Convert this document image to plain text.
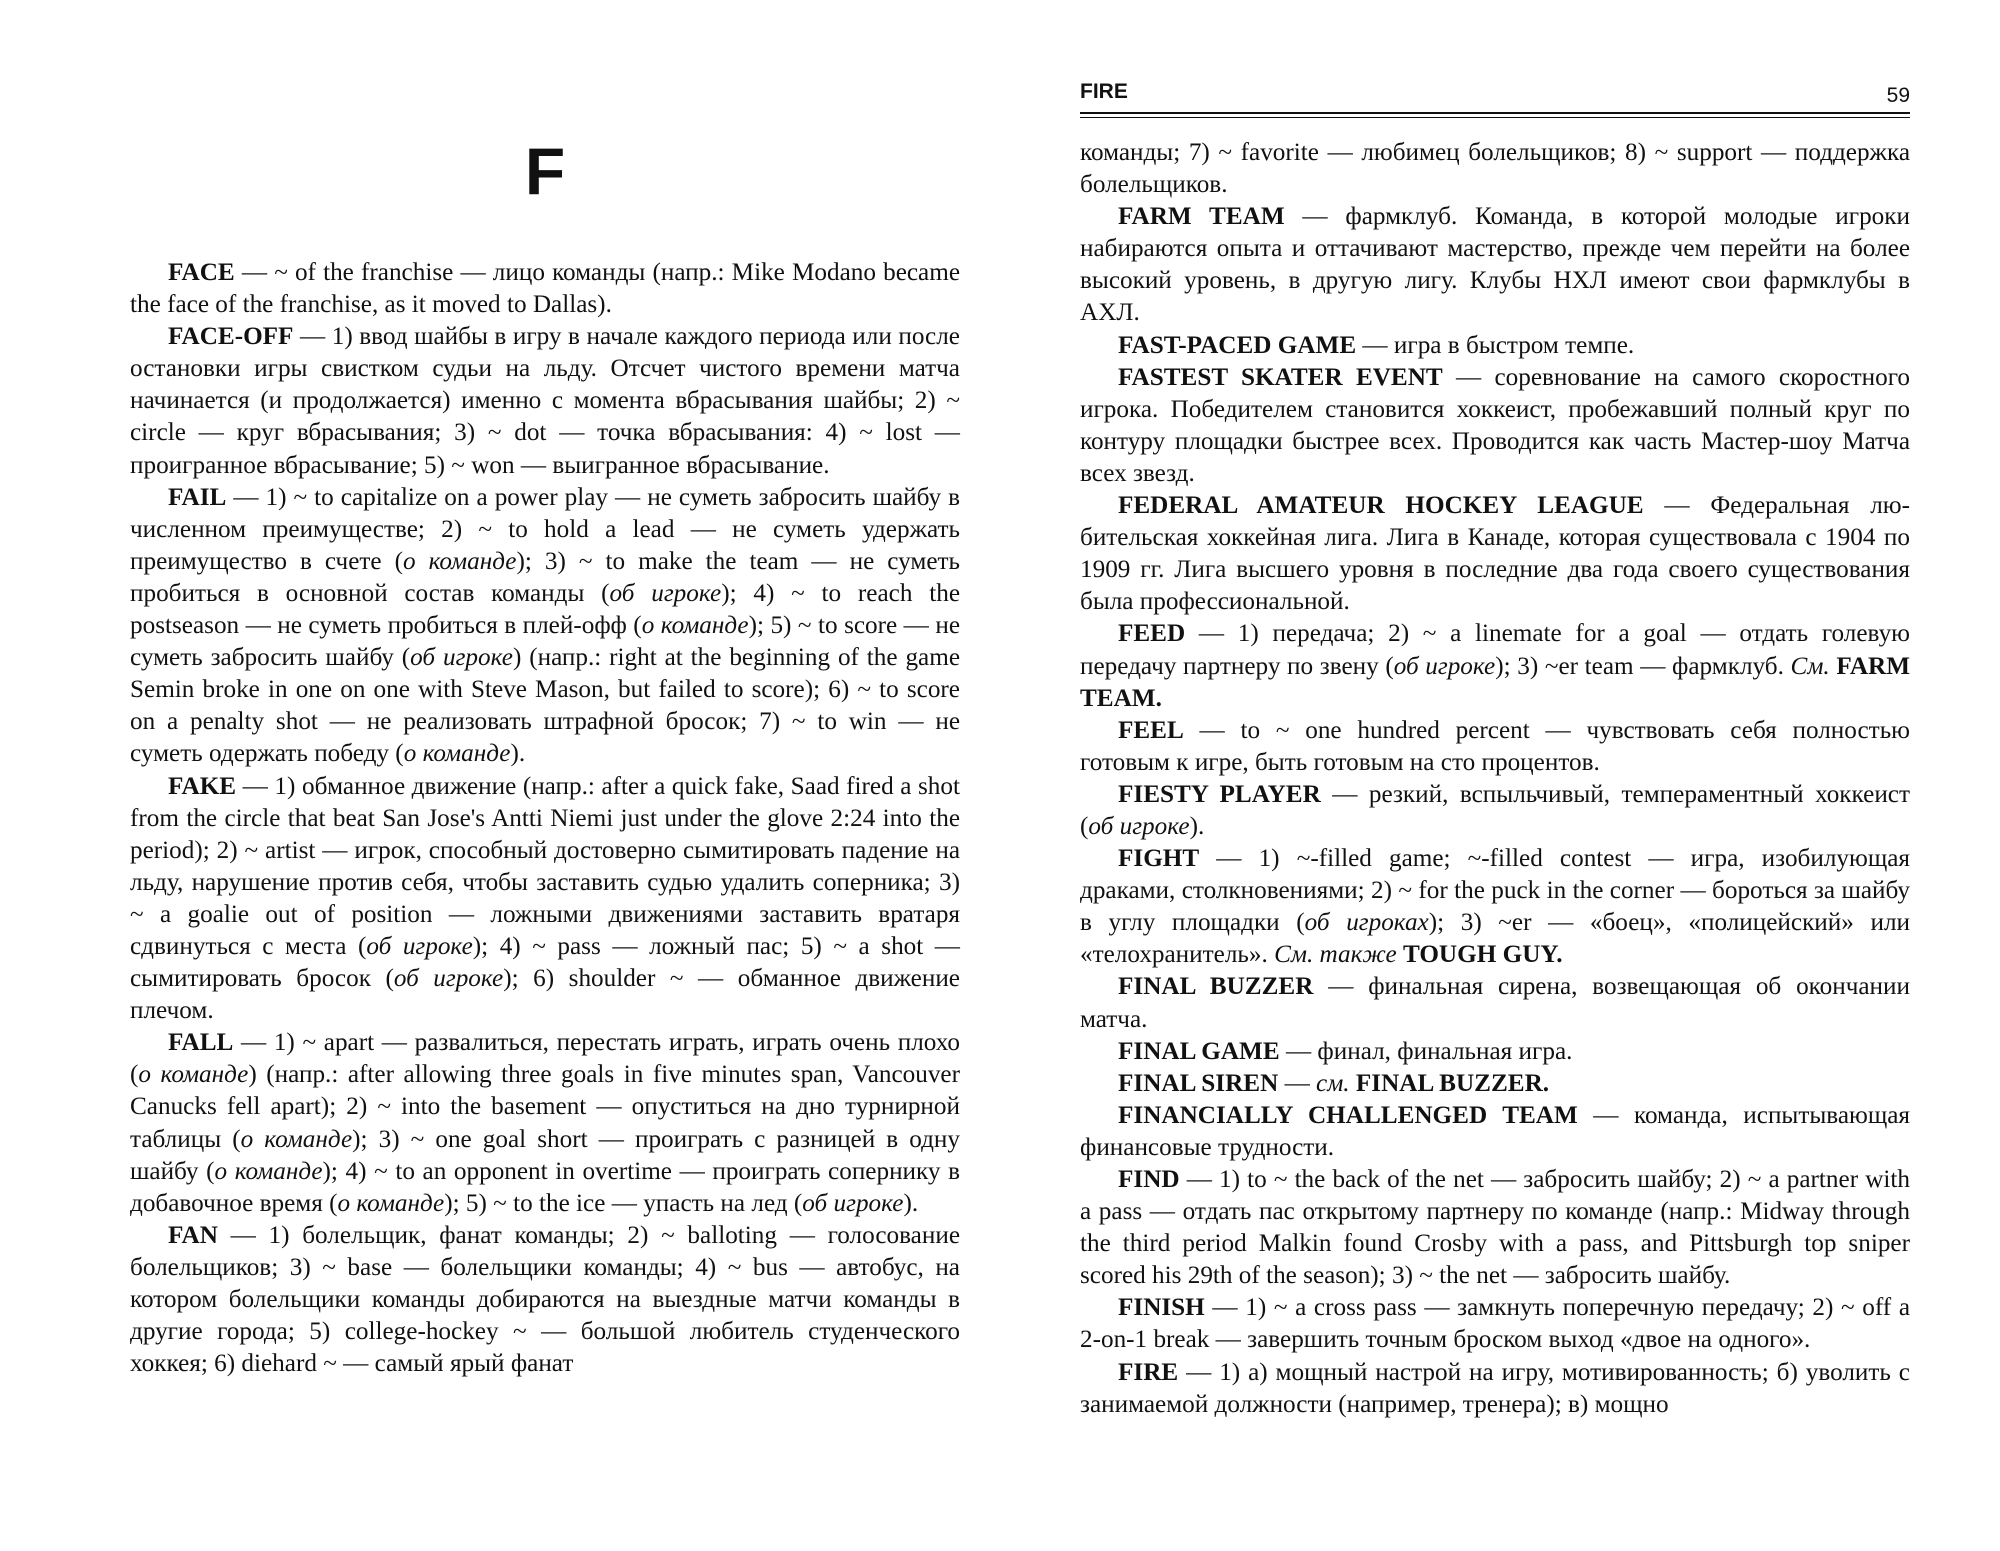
F

FACE — ~ of the franchise — лицо команды (напр.: Mike Modano became the face of the franchise, as it moved to Dallas).

FACE-OFF — 1) ввод шайбы в игру в начале каждого периода или после остановки игры свистком судьи на льду. Отсчет чистого времени матча начинается (и продолжается) именно с момента вбрасывания шайбы; 2) ~ circle — круг вбрасывания; 3) ~ dot — точка вбрасывания: 4) ~ lost — проигранное вбрасывание; 5) ~ won — выигранное вбрасывание.

FAIL — 1) ~ to capitalize on a power play — не суметь забросить шайбу в численном преимуществе; 2) ~ to hold a lead — не суметь удержать преимущество в счете (о команде); 3) ~ to make the team — не суметь пробиться в основной состав команды (об игроке); 4) ~ to reach the postseason — не суметь пробиться в плей-офф (о команде); 5) ~ to score — не суметь забросить шайбу (об игроке) (напр.: right at the beginning of the game Semin broke in one on one with Steve Mason, but failed to score); 6) ~ to score on a penalty shot — не реализовать штрафной бросок; 7) ~ to win — не суметь одержать победу (о команде).

FAKE — 1) обманное движение (напр.: after a quick fake, Saad fired a shot from the circle that beat San Jose's Antti Niemi just under the glove 2:24 into the period); 2) ~ artist — игрок, способный достоверно сымитировать падение на льду, нарушение против себя, чтобы заставить судью удалить соперника; 3) ~ a goalie out of position — ложными движениями заставить вратаря сдвинуться с места (об игроке); 4) ~ pass — ложный пас; 5) ~ a shot — сымитировать бросок (об игроке); 6) shoulder ~ — обманное движение плечом.

FALL — 1) ~ apart — развалиться, перестать играть, играть очень плохо (о команде) (напр.: after allowing three goals in five minutes span, Vancouver Canucks fell apart); 2) ~ into the basement — опуститься на дно турнирной таблицы (о команде); 3) ~ one goal short — проиграть с разницей в одну шайбу (о команде); 4) ~ to an opponent in overtime — проиграть сопернику в добавочное время (о команде); 5) ~ to the ice — упасть на лед (об игроке).

FAN — 1) болельщик, фанат команды; 2) ~ balloting — голосование болельщиков; 3) ~ base — болельщики команды; 4) ~ bus — автобус, на котором болельщики команды добираются на выездные матчи команды в другие города; 5) college-hockey ~ — большой любитель студенческого хоккея; 6) diehard ~ — самый ярый фанат

FIRE	59

команды; 7) ~ favorite — любимец болельщиков; 8) ~ support — поддержка болельщиков.

FARM TEAM — фармклуб. Команда, в которой молодые игроки набираются опыта и оттачивают мастерство, прежде чем перейти на более высокий уровень, в другую лигу. Клубы НХЛ имеют свои фармклубы в АХЛ.

FAST-PACED GAME — игра в быстром темпе.

FASTEST SKATER EVENT — соревнование на самого скоростного игрока. Победителем становится хоккеист, пробежавший полный круг по контуру площадки быстрее всех. Проводится как часть Мастер-шоу Матча всех звезд.

FEDERAL AMATEUR HOCKEY LEAGUE — Федеральная любительская хоккейная лига. Лига в Канаде, которая существовала с 1904 по 1909 гг. Лига высшего уровня в последние два года своего существования была профессиональной.

FEED — 1) передача; 2) ~ a linemate for a goal — отдать голевую передачу партнеру по звену (об игроке); 3) ~er team — фармклуб. См. FARM TEAM.

FEEL — to ~ one hundred percent — чувствовать себя полностью готовым к игре, быть готовым на сто процентов.

FIESTY PLAYER — резкий, вспыльчивый, темпераментный хоккеист (об игроке).

FIGHT — 1) ~-filled game; ~-filled contest — игра, изобилующая драками, столкновениями; 2) ~ for the puck in the corner — бороться за шайбу в углу площадки (об игроках); 3) ~er — «боец», «полицейский» или «телохранитель». См. также TOUGH GUY.

FINAL BUZZER — финальная сирена, возвещающая об окончании матча.

FINAL GAME — финал, финальная игра.

FINAL SIREN — см. FINAL BUZZER.

FINANCIALLY CHALLENGED TEAM — команда, испытывающая финансовые трудности.

FIND — 1) to ~ the back of the net — забросить шайбу; 2) ~ a partner with a pass — отдать пас открытому партнеру по команде (напр.: Midway through the third period Malkin found Crosby with a pass, and Pittsburgh top sniper scored his 29th of the season); 3) ~ the net — забросить шайбу.

FINISH — 1) ~ a cross pass — замкнуть поперечную передачу; 2) ~ off a 2-on-1 break — завершить точным броском выход «двое на одного».

FIRE — 1) а) мощный настрой на игру, мотивированность; б) уволить с занимаемой должности (например, тренера); в) мощно
